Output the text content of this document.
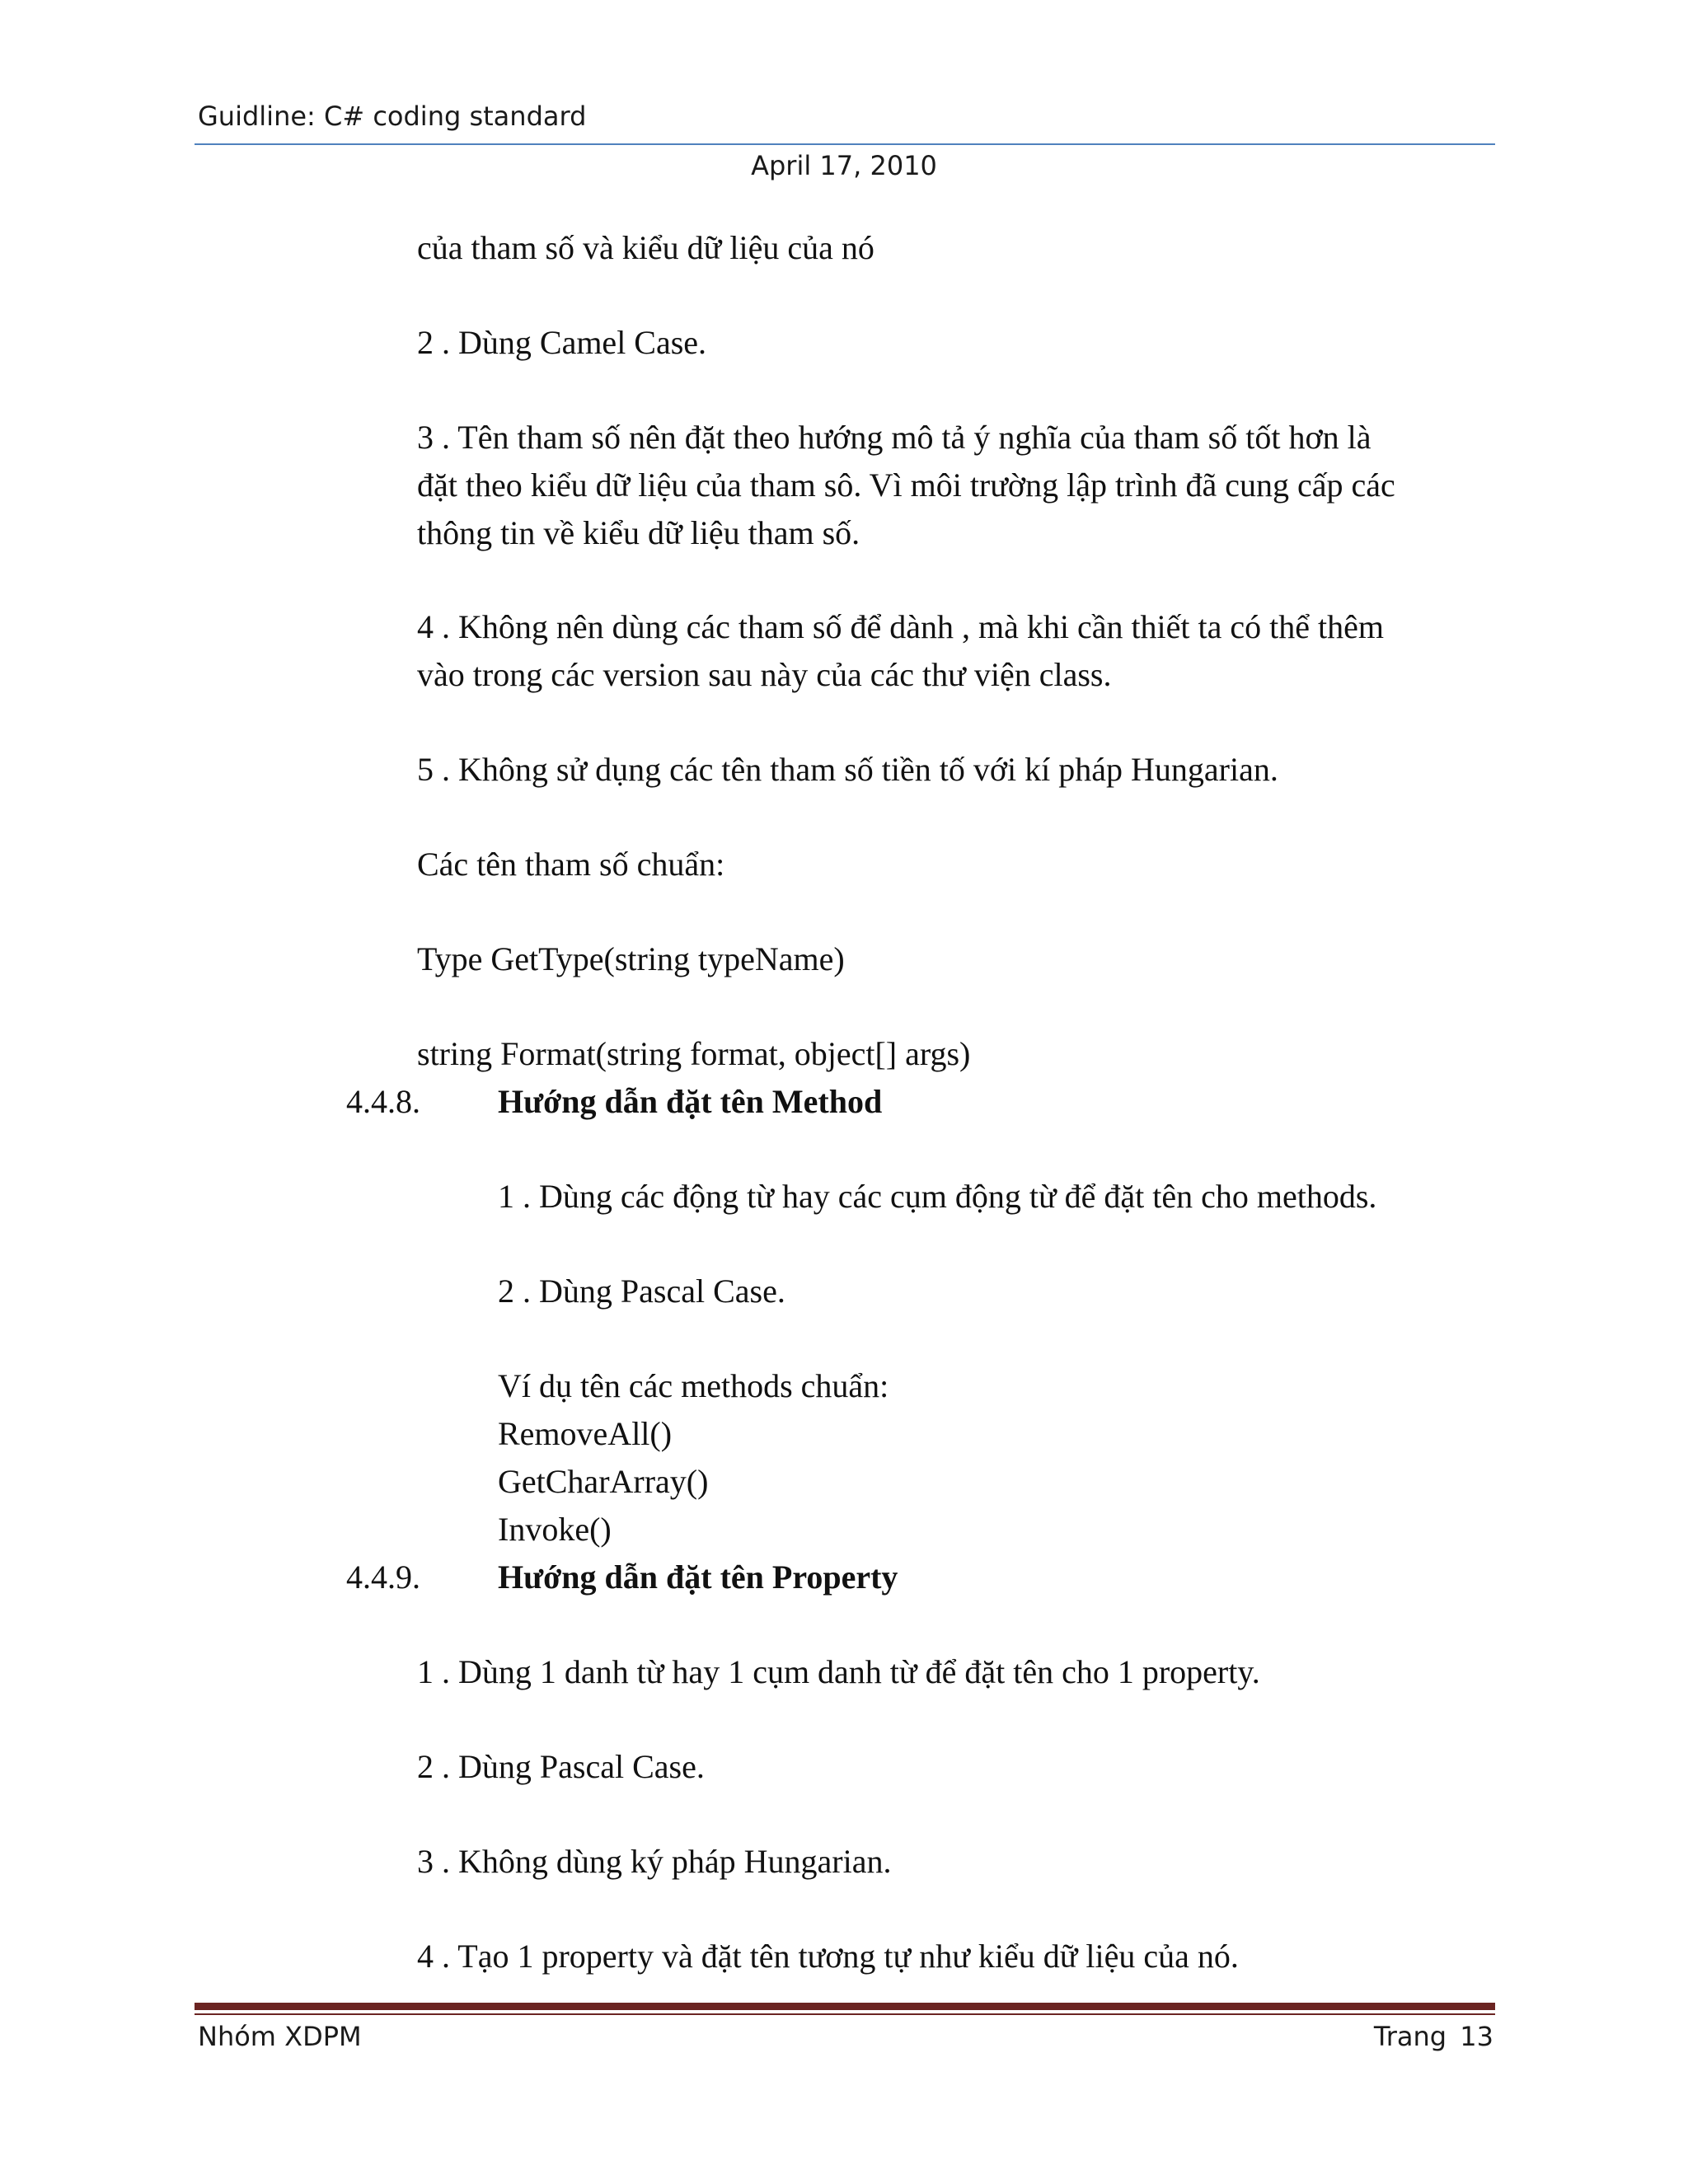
Guidline: C# coding standard
April 17, 2010
của tham số và kiểu dữ liệu của nó
2 . Dùng Camel Case.
3 . Tên tham số nên đặt theo hướng mô tả ý nghĩa của tham số tốt hơn là
đặt theo kiểu dữ liệu của tham sô. Vì môi trường lập trình đã cung cấp các
thông tin về kiểu dữ liệu tham số.
4 . Không nên dùng các tham số để dành , mà khi cần thiết ta có thể thêm
vào trong các version sau này của các thư viện class.
5 . Không sử dụng các tên tham số tiền tố với kí pháp Hungarian.
Các tên tham số chuẩn:
Type GetType(string typeName)
string Format(string format, object[] args)
4.4.8. Hướng dẫn đặt tên Method
1 . Dùng các động từ hay các cụm động từ để đặt tên cho methods.
2 . Dùng Pascal Case.
Ví dụ tên các methods chuẩn:
RemoveAll()
GetCharArray()
Invoke()
4.4.9. Hướng dẫn đặt tên Property
1 . Dùng 1 danh từ hay 1 cụm danh từ để đặt tên cho 1 property.
2 . Dùng Pascal Case.
3 . Không dùng ký pháp Hungarian.
4 . Tạo 1 property và đặt tên tương tự như kiểu dữ liệu của nó.
Nhóm XDPM	Trang 13
